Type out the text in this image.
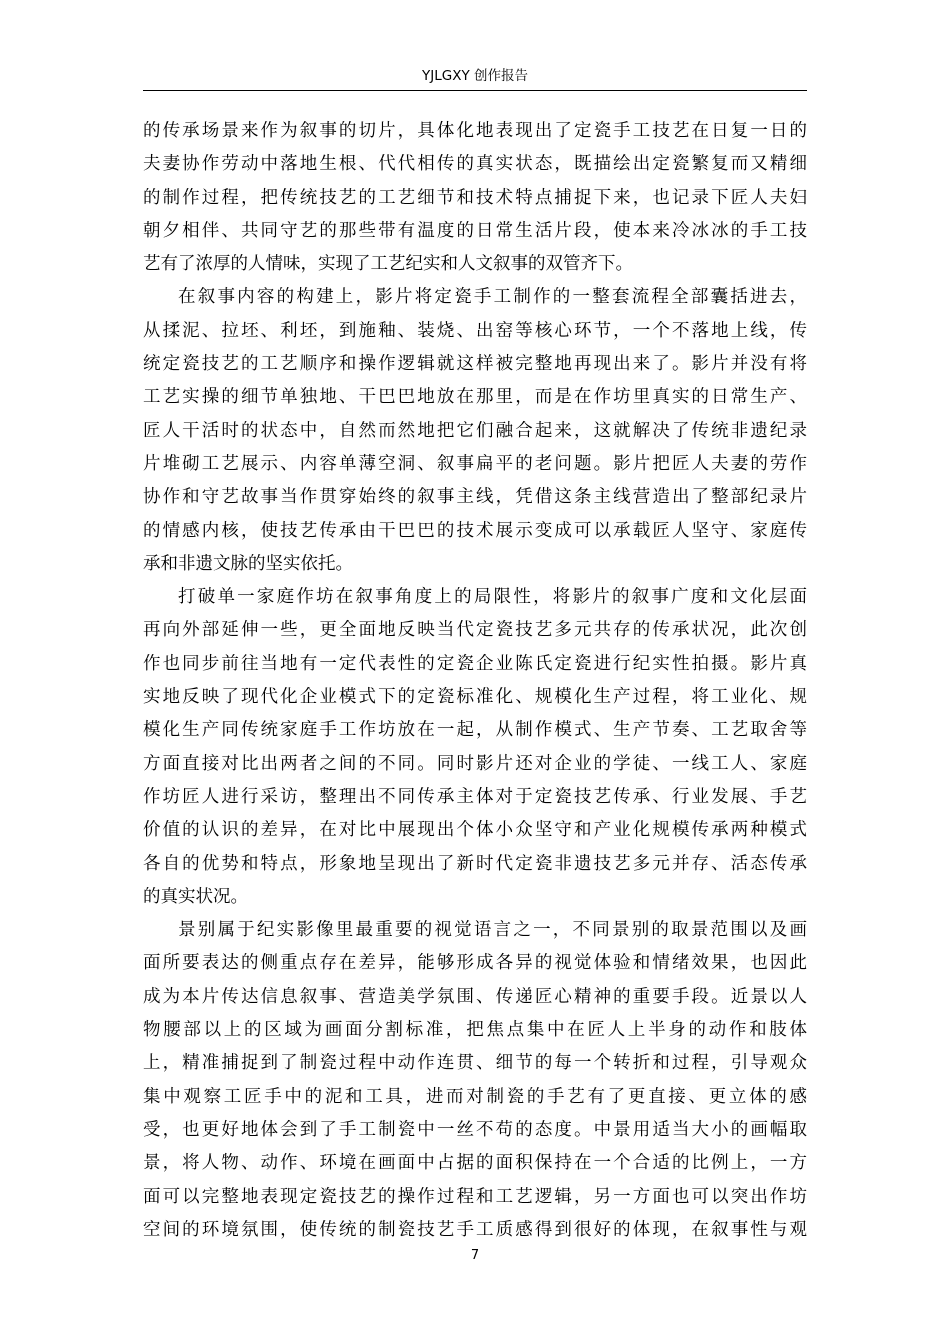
YJLGXY 创作报告
的传承场景来作为叙事的切片，具体化地表现出了定瓷手工技艺在日复一日的
夫妻协作劳动中落地生根、代代相传的真实状态，既描绘出定瓷繁复而又精细
的制作过程，把传统技艺的工艺细节和技术特点捕捉下来，也记录下匠人夫妇
朝夕相伴、共同守艺的那些带有温度的日常生活片段，使本来冷冰冰的手工技
艺有了浓厚的人情味，实现了工艺纪实和人文叙事的双管齐下。
在叙事内容的构建上，影片将定瓷手工制作的一整套流程全部囊括进去，
从揉泥、拉坯、利坯，到施釉、装烧、出窑等核心环节，一个不落地上线，传
统定瓷技艺的工艺顺序和操作逻辑就这样被完整地再现出来了。影片并没有将
工艺实操的细节单独地、干巴巴地放在那里，而是在作坊里真实的日常生产、
匠人干活时的状态中，自然而然地把它们融合起来，这就解决了传统非遗纪录
片堆砌工艺展示、内容单薄空洞、叙事扁平的老问题。影片把匠人夫妻的劳作
协作和守艺故事当作贯穿始终的叙事主线，凭借这条主线营造出了整部纪录片
的情感内核，使技艺传承由干巴巴的技术展示变成可以承载匠人坚守、家庭传
承和非遗文脉的坚实依托。
打破单一家庭作坊在叙事角度上的局限性，将影片的叙事广度和文化层面
再向外部延伸一些，更全面地反映当代定瓷技艺多元共存的传承状况，此次创
作也同步前往当地有一定代表性的定瓷企业陈氏定瓷进行纪实性拍摄。影片真
实地反映了现代化企业模式下的定瓷标准化、规模化生产过程，将工业化、规
模化生产同传统家庭手工作坊放在一起，从制作模式、生产节奏、工艺取舍等
方面直接对比出两者之间的不同。同时影片还对企业的学徒、一线工人、家庭
作坊匠人进行采访，整理出不同传承主体对于定瓷技艺传承、行业发展、手艺
价值的认识的差异，在对比中展现出个体小众坚守和产业化规模传承两种模式
各自的优势和特点，形象地呈现出了新时代定瓷非遗技艺多元并存、活态传承
的真实状况。
景别属于纪实影像里最重要的视觉语言之一，不同景别的取景范围以及画
面所要表达的侧重点存在差异，能够形成各异的视觉体验和情绪效果，也因此
成为本片传达信息叙事、营造美学氛围、传递匠心精神的重要手段。近景以人
物腰部以上的区域为画面分割标准，把焦点集中在匠人上半身的动作和肢体
上，精准捕捉到了制瓷过程中动作连贯、细节的每一个转折和过程，引导观众
集中观察工匠手中的泥和工具，进而对制瓷的手艺有了更直接、更立体的感
受，也更好地体会到了手工制瓷中一丝不苟的态度。中景用适当大小的画幅取
景，将人物、动作、环境在画面中占据的面积保持在一个合适的比例上，一方
面可以完整地表现定瓷技艺的操作过程和工艺逻辑，另一方面也可以突出作坊
空间的环境氛围，使传统的制瓷技艺手工质感得到很好的体现，在叙事性与观
7
